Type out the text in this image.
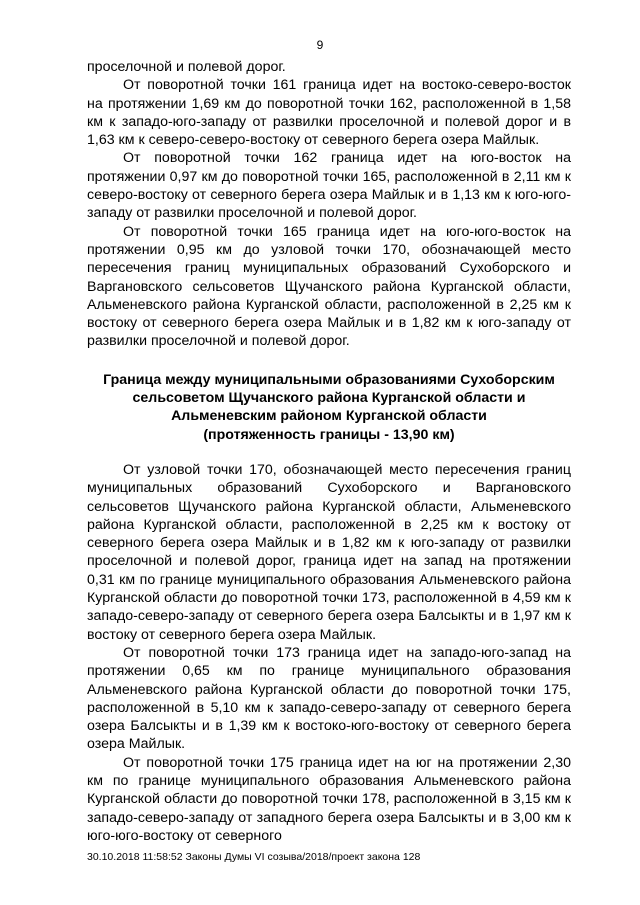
9

проселочной и полевой дорог.

От поворотной точки 161 граница идет на востоко-северо-восток на протяжении 1,69 км до поворотной точки 162, расположенной в 1,58 км к западо-юго-западу от развилки проселочной и полевой дорог и в 1,63 км к северо-северо-востоку от северного берега озера Майлык.

От поворотной точки 162 граница идет на юго-восток на протяжении 0,97 км до поворотной точки 165, расположенной в 2,11 км к северо-востоку от северного берега озера Майлык и в 1,13 км к юго-юго-западу от развилки проселочной и полевой дорог.

От поворотной точки 165 граница идет на юго-юго-восток на протяжении 0,95 км до узловой точки 170, обозначающей место пересечения границ муниципальных образований Сухоборского и Варгановского сельсоветов Щучанского района Курганской области, Альменевского района Курганской области, расположенной в 2,25 км к востоку от северного берега озера Майлык и в 1,82 км к юго-западу от развилки проселочной и полевой дорог.

Граница между муниципальными образованиями Сухоборским
сельсоветом Щучанского района Курганской области и
Альменевским районом Курганской области
(протяженность границы - 13,90 км)

От узловой точки 170, обозначающей место пересечения границ муниципальных образований Сухоборского и Варгановского сельсоветов Щучанского района Курганской области, Альменевского района Курганской области, расположенной в 2,25 км к востоку от северного берега озера Майлык и в 1,82 км к юго-западу от развилки проселочной и полевой дорог, граница идет на запад на протяжении 0,31 км по границе муниципального образования Альменевского района Курганской области до поворотной точки 173, расположенной в 4,59 км к западо-северо-западу от северного берега озера Балсыкты и в 1,97 км к востоку от северного берега озера Майлык.

От поворотной точки 173 граница идет на западо-юго-запад на протяжении 0,65 км по границе муниципального образования Альменевского района Курганской области до поворотной точки 175, расположенной в 5,10 км к западо-северо-западу от северного берега озера Балсыкты и в 1,39 км к востоко-юго-востоку от северного берега озера Майлык.

От поворотной точки 175 граница идет на юг на протяжении 2,30 км по границе муниципального образования Альменевского района Курганской области до поворотной точки 178, расположенной в 3,15 км к западо-северо-западу от западного берега озера Балсыкты и в 3,00 км к юго-юго-востоку от северного

30.10.2018 11:58:52 Законы Думы VI созыва/2018/проект закона 128
